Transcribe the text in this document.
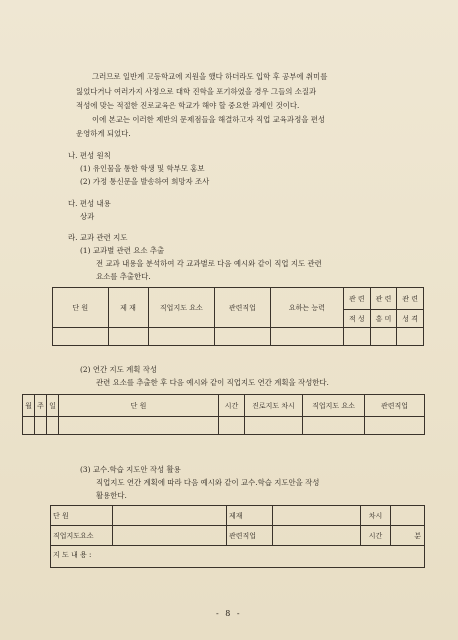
그러므로 일반계 고등학교에 지원을 했다 하더라도 입학 후 공부에 취미를
잃었다거나 여러가지 사정으로 대학 진학을 포기하였을 경우 그들의 소질과
적성에 맞는 적절한 진로교육은 학교가 해야 할 중요한 과제인 것이다.
이에 본교는 이러한 제반의 문제점들을 해결하고자 직업 교육과정을 편성
운영하게 되었다.
나. 편성 원칙
(1) 유인물을 통한 학생 및 학부모 홍보
(2) 가정 통신문을 발송하여 희망자 조사
다. 편성 내용
상과
라. 교과 관련 지도
(1) 교과별 관련 요소 추출
전 교과 내용을 분석하여 각 교과별로 다음 예시와 같이 직업 지도 관련
요소를 추출한다.
단 원	제 재	직업지도 요소	관련직업	요하는 능력	관 련	관 련	관 련
					적 성	흥 미	성 격

(2) 연간 지도 계획 작성
관련 요소를 추출한 후 다음 예시와 같이 직업지도 연간 계획을 작성한다.
월	주	일	단 원	시간	진로지도 차시	직업지도 요소	관련직업

(3) 교수.학습 지도안 작성 활용
직업지도 연간 계획에 따라 다음 예시와 같이 교수.학습 지도안을 작성
활용한다.
단 원		제재		차시	
직업지도요소		관련직업		시간	분
지 도 내 용 :					
- 8 -
